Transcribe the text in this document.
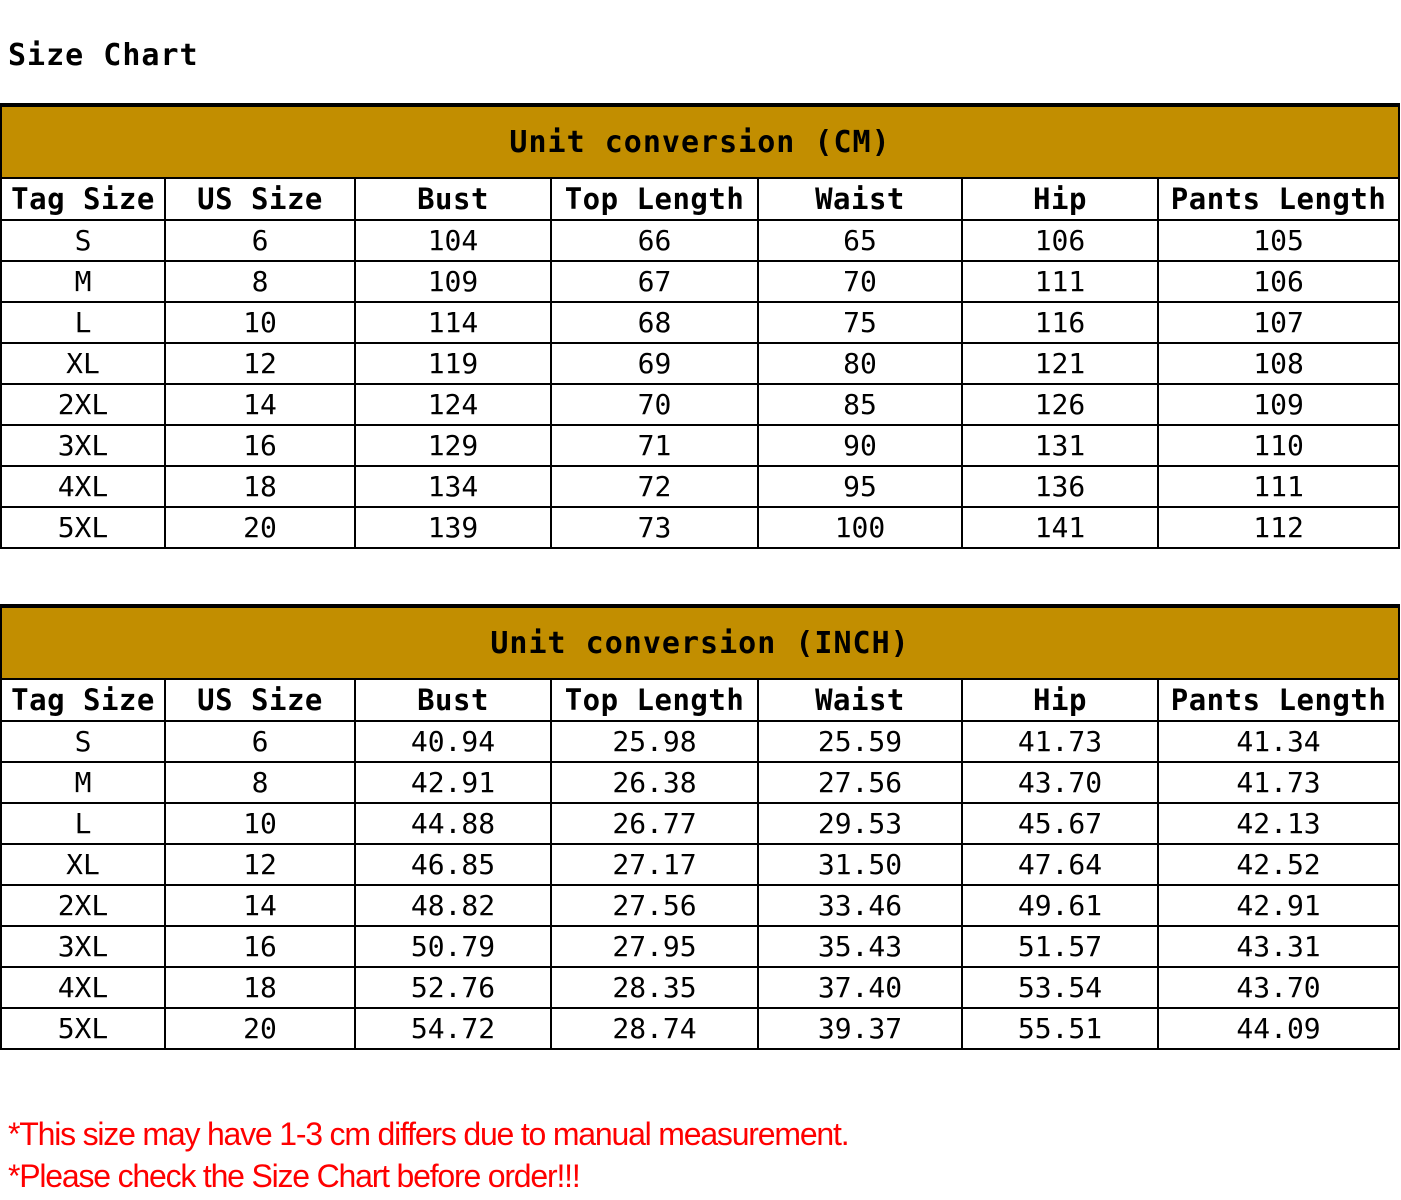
Size Chart
Unit conversion (CM)						
Tag Size	US Size	Bust	Top Length	Waist	Hip	Pants Length
S	6	104	66	65	106	105
M	8	109	67	70	111	106
L	10	114	68	75	116	107
XL	12	119	69	80	121	108
2XL	14	124	70	85	126	109
3XL	16	129	71	90	131	110
4XL	18	134	72	95	136	111
5XL	20	139	73	100	141	112
Unit conversion (INCH)						
Tag Size	US Size	Bust	Top Length	Waist	Hip	Pants Length
S	6	40.94	25.98	25.59	41.73	41.34
M	8	42.91	26.38	27.56	43.70	41.73
L	10	44.88	26.77	29.53	45.67	42.13
XL	12	46.85	27.17	31.50	47.64	42.52
2XL	14	48.82	27.56	33.46	49.61	42.91
3XL	16	50.79	27.95	35.43	51.57	43.31
4XL	18	52.76	28.35	37.40	53.54	43.70
5XL	20	54.72	28.74	39.37	55.51	44.09
*This size may have 1-3 cm differs due to manual measurement.
*Please check the Size Chart before order!!!
